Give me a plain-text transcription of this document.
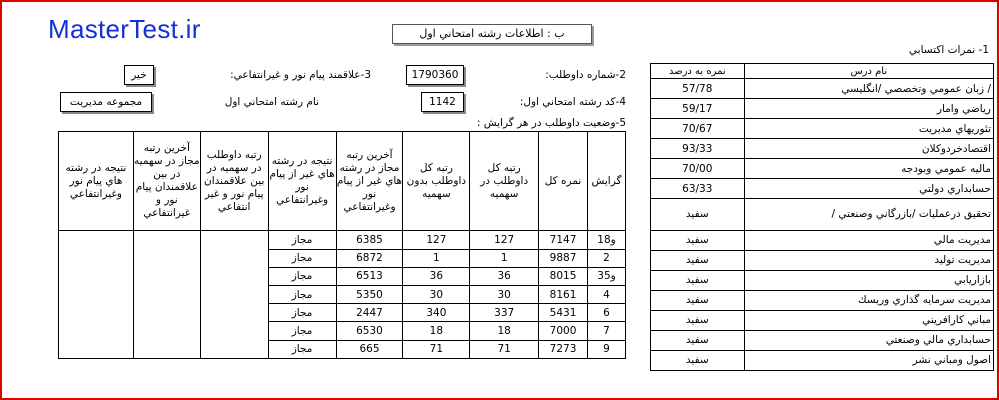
MasterTest.ir	ب : اطلاعات رشته امتحاني اول
1- نمرات اكتسابي
2-شماره داوطلب:
1790360
3-علاقمند پيام نور و غيرانتفاعي:
خير
4-كد رشته امتحاني اول:
1142
نام رشته امتحاني اول
مجموعه مديريت
5-وضعيت داوطلب در هر گرايش :
نتيجه در رشته هاي پيام نور وغيرانتفاعي	آخرين رتبه مجاز در سهميه در بين علاقمندان پيام نور و غيرانتفاعي	رتبه داوطلب در سهميه در بين علاقمندان پيام نور و غير انتفاعي	نتيجه در رشته هاي غير از پيام نور وغيرانتفاعي	آخرين رتبه مجاز در رشته هاي غير از پيام نور وغيرانتفاعي	رتبه كل داوطلب بدون سهميه	رتبه كل داوطلب در سهميه	نمره كل	گرايش
			مجاز	6385	127	127	7147	1و8
			مجاز	6872	1	1	9887	2
			مجاز	6513	36	36	8015	3و5
			مجاز	5350	30	30	8161	4
			مجاز	2447	340	337	5431	6
			مجاز	6530	18	18	7000	7
			مجاز	665	71	71	7273	9
نمره به درصد	نام درس
57/78	/ زبان عمومي وتخصصي /انگليسي
59/17	رياضي وامار
70/67	تئوريهاي مديريت
93/33	اقتصادخردوكلان
70/00	ماليه عمومي وبودجه
63/33	حسابداري دولتي
سفيد	تحقيق درعمليات /بازرگاني وصنعتي /
سفيد	مديريت مالي
سفيد	مديريت توليد
سفيد	بازاريابي
سفيد	مديريت سرمايه گذاري وريسك
سفيد	مباني كارافريني
سفيد	حسابداري مالي وصنعتي
سفيد	اصول ومباني نشر
